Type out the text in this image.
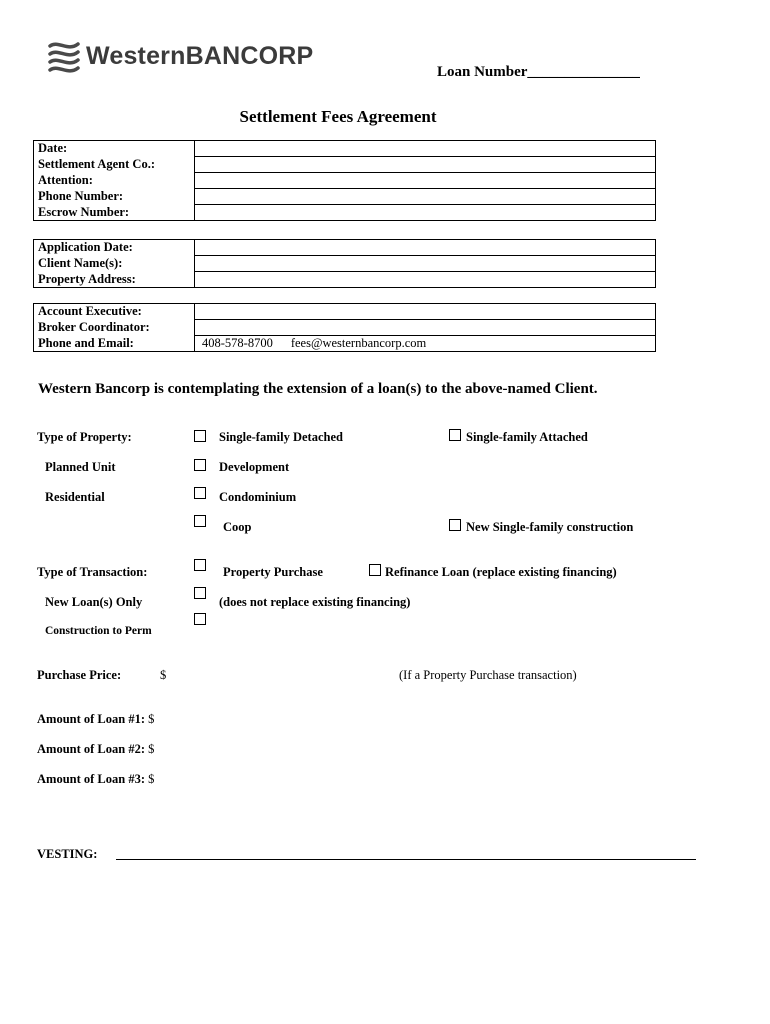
WesternBANCORP
Loan Number_______________
Settlement Fees Agreement
Date:	
Settlement Agent Co.:	
Attention:	
Phone Number:	
Escrow Number:	
Application Date:	
Client Name(s):	
Property Address:	
Account Executive:	
Broker Coordinator:	
Phone and Email:	408-578-8700 fees@westernbancorp.com
Western Bancorp is contemplating the extension of a loan(s) to the above-named Client.
Type of Property:	Single-family Detached	Single-family Attached
Planned Unit	Development
Residential	Condominium
Coop	New Single-family construction
Type of Transaction:	Property Purchase	Refinance Loan (replace existing financing)
New Loan(s) Only	(does not replace existing financing)
Construction to Perm
Purchase Price:	$	(If a Property Purchase transaction)
Amount of Loan #1: $
Amount of Loan #2: $
Amount of Loan #3: $
VESTING:
